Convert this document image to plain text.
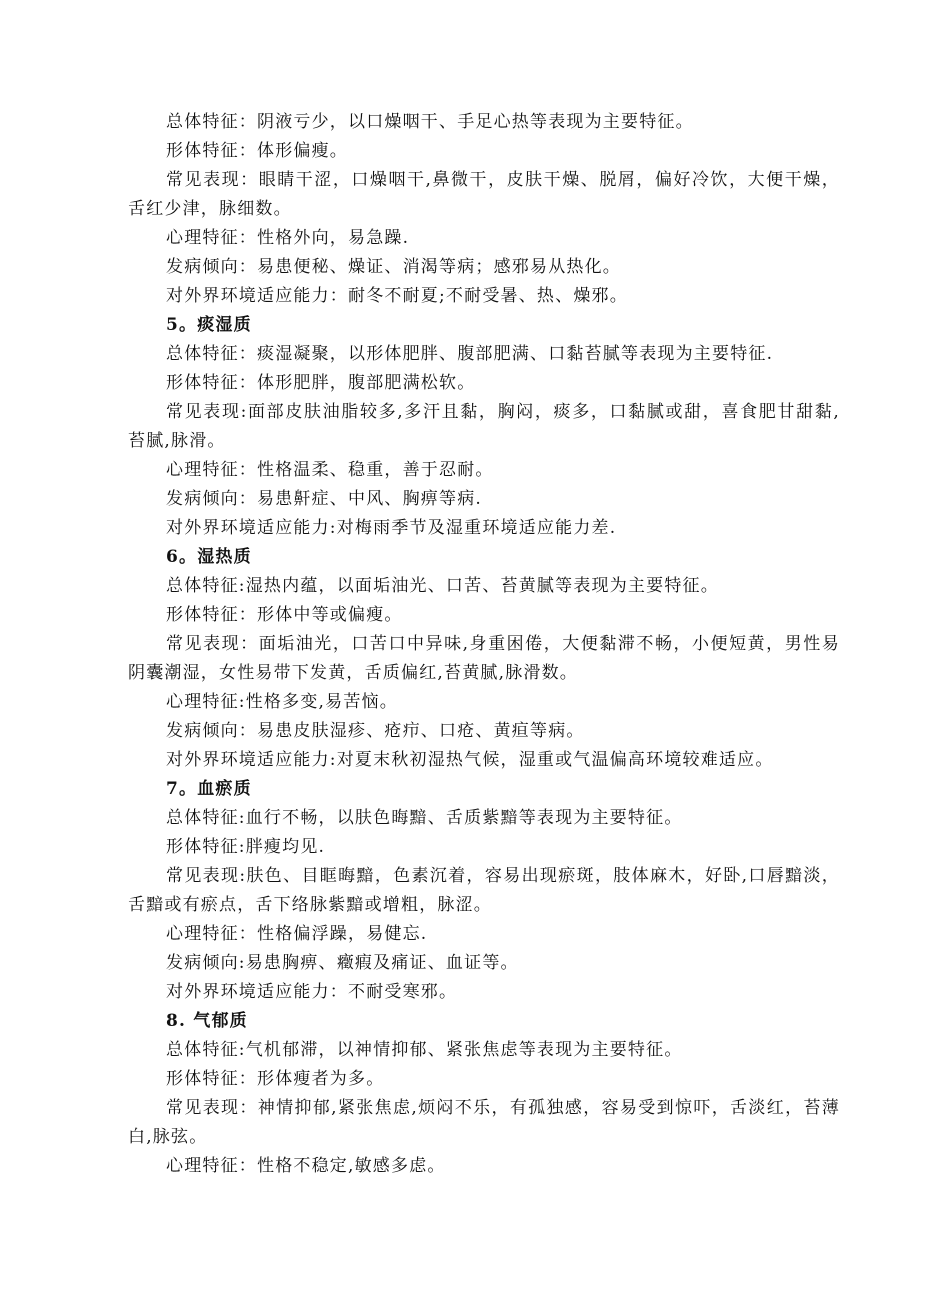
总体特征：阴液亏少，以口燥咽干、手足心热等表现为主要特征。

形体特征：体形偏瘦。

常见表现：眼睛干涩，口燥咽干,鼻微干，皮肤干燥、脱屑，偏好冷饮，大便干燥，舌红少津，脉细数。

心理特征：性格外向，易急躁.

发病倾向：易患便秘、燥证、消渴等病；感邪易从热化。

对外界环境适应能力：耐冬不耐夏;不耐受暑、热、燥邪。

5。痰湿质

总体特征：痰湿凝聚，以形体肥胖、腹部肥满、口黏苔腻等表现为主要特征.

形体特征：体形肥胖，腹部肥满松软。

常见表现:面部皮肤油脂较多,多汗且黏，胸闷，痰多，口黏腻或甜，喜食肥甘甜黏,苔腻,脉滑。

心理特征：性格温柔、稳重，善于忍耐。

发病倾向：易患鼾症、中风、胸痹等病.

对外界环境适应能力:对梅雨季节及湿重环境适应能力差.

6。湿热质

总体特征:湿热内蕴，以面垢油光、口苦、苔黄腻等表现为主要特征。

形体特征：形体中等或偏瘦。

常见表现：面垢油光，口苦口中异味,身重困倦，大便黏滞不畅，小便短黄，男性易阴囊潮湿，女性易带下发黄，舌质偏红,苔黄腻,脉滑数。

心理特征:性格多变,易苦恼。

发病倾向：易患皮肤湿疹、疮疖、口疮、黄疸等病。

对外界环境适应能力:对夏末秋初湿热气候，湿重或气温偏高环境较难适应。

7。血瘀质

总体特征:血行不畅，以肤色晦黯、舌质紫黯等表现为主要特征。

形体特征:胖瘦均见.

常见表现:肤色、目眶晦黯，色素沉着，容易出现瘀斑，肢体麻木，好卧,口唇黯淡，舌黯或有瘀点，舌下络脉紫黯或增粗，脉涩。

心理特征：性格偏浮躁，易健忘.

发病倾向:易患胸痹、癥瘕及痛证、血证等。

对外界环境适应能力：不耐受寒邪。

8. 气郁质

总体特征:气机郁滞，以神情抑郁、紧张焦虑等表现为主要特征。

形体特征：形体瘦者为多。

常见表现：神情抑郁,紧张焦虑,烦闷不乐，有孤独感，容易受到惊吓，舌淡红，苔薄白,脉弦。

心理特征：性格不稳定,敏感多虑。
